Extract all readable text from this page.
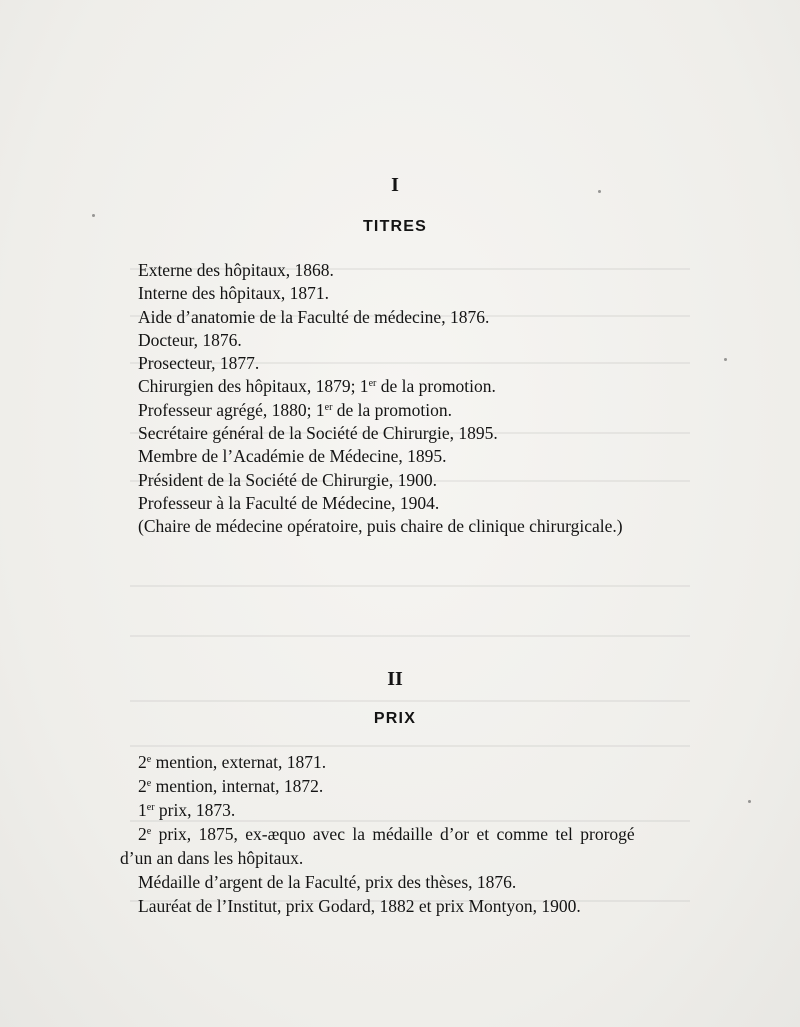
I
TITRES
Externe des hôpitaux, 1868.
Interne des hôpitaux, 1871.
Aide d’anatomie de la Faculté de médecine, 1876.
Docteur, 1876.
Prosecteur, 1877.
Chirurgien des hôpitaux, 1879; 1er de la promotion.
Professeur agrégé, 1880; 1er de la promotion.
Secrétaire général de la Société de Chirurgie, 1895.
Membre de l’Académie de Médecine, 1895.
Président de la Société de Chirurgie, 1900.
Professeur à la Faculté de Médecine, 1904.
(Chaire de médecine opératoire, puis chaire de clinique chirurgicale.)
II
PRIX
2e mention, externat, 1871.
2e mention, internat, 1872.
1er prix, 1873.
2e prix, 1875, ex-æquo avec la médaille d’or et comme tel prorogé
d’un an dans les hôpitaux.
Médaille d’argent de la Faculté, prix des thèses, 1876.
Lauréat de l’Institut, prix Godard, 1882 et prix Montyon, 1900.
